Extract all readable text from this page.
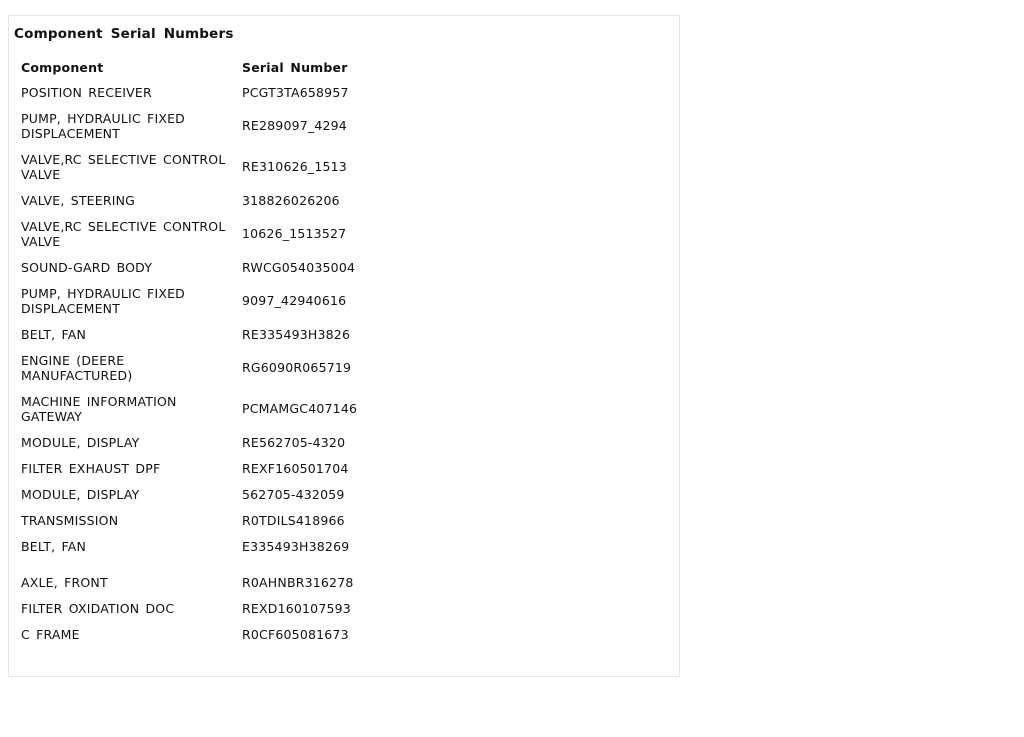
Component Serial Numbers
Component	Serial Number

POSITION RECEIVER	PCGT3TA658957
PUMP, HYDRAULIC FIXED DISPLACEMENT	RE289097_4294
VALVE,RC SELECTIVE CONTROL VALVE	RE310626_1513
VALVE, STEERING	318826026206
VALVE,RC SELECTIVE CONTROL VALVE	10626_1513527
SOUND-GARD BODY	RWCG054035004
PUMP, HYDRAULIC FIXED DISPLACEMENT	9097_42940616
BELT, FAN	RE335493H3826
ENGINE (DEERE MANUFACTURED)	RG6090R065719
MACHINE INFORMATION GATEWAY	PCMAMGC407146
MODULE, DISPLAY	RE562705-4320
FILTER EXHAUST DPF	REXF160501704
MODULE, DISPLAY	562705-432059
TRANSMISSION	R0TDILS418966
BELT, FAN	E335493H38269

AXLE, FRONT	R0AHNBR316278
FILTER OXIDATION DOC	REXD160107593
C FRAME	R0CF605081673
